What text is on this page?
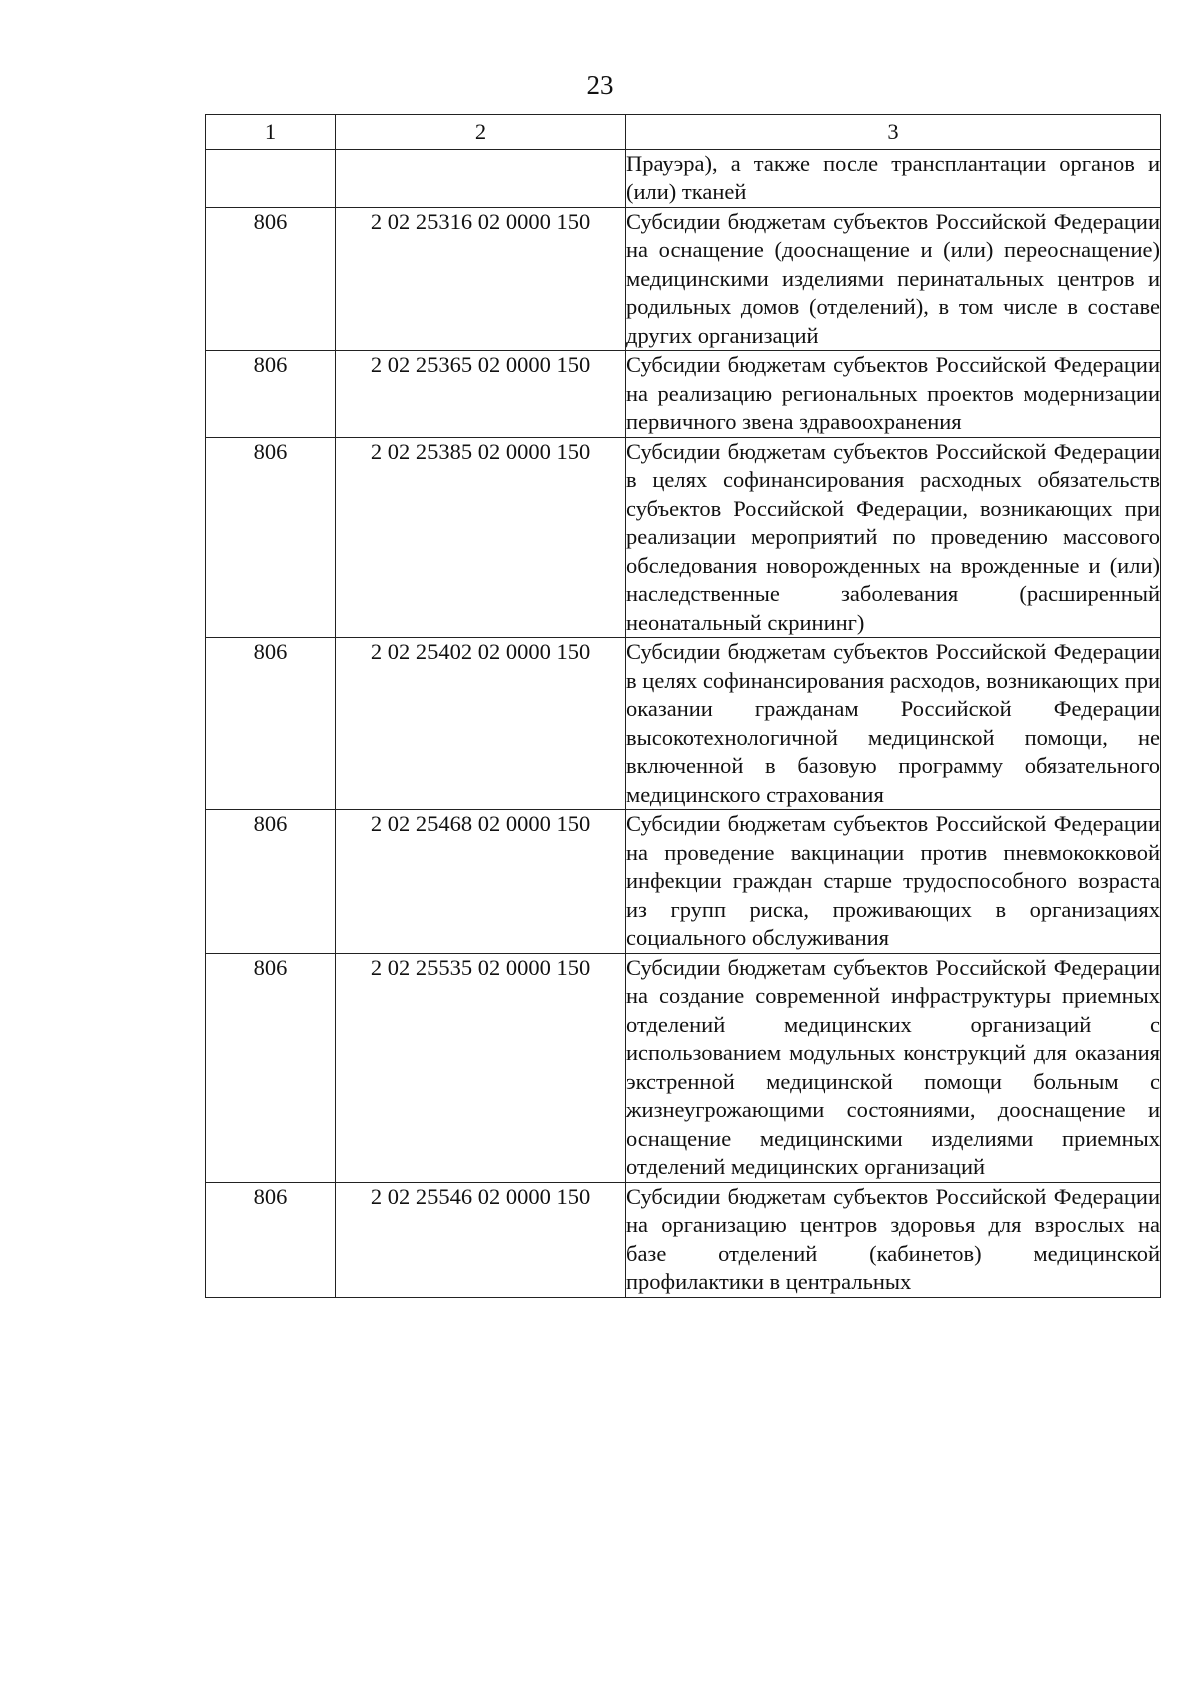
23
1	2	3
		Прауэра), а также после трансплантации органов и (или) тканей
806	2 02 25316 02 0000 150	Субсидии бюджетам субъектов Российской Федерации на оснащение (дооснащение и (или) переоснащение) медицинскими изделиями перинатальных центров и родильных домов (отделений), в том числе в составе других организаций
806	2 02 25365 02 0000 150	Субсидии бюджетам субъектов Российской Федерации на реализацию региональных проектов модернизации первичного звена здравоохранения
806	2 02 25385 02 0000 150	Субсидии бюджетам субъектов Российской Федерации в целях софинансирования расходных обязательств субъектов Российской Федерации, возникающих при реализации мероприятий по проведению массового обследования новорожденных на врожденные и (или) наследственные заболевания (расширенный неонатальный скрининг)
806	2 02 25402 02 0000 150	Субсидии бюджетам субъектов Российской Федерации в целях софинансирования расходов, возникающих при оказании гражданам Российской Федерации высокотехнологичной медицинской помощи, не включенной в базовую программу обязательного медицинского страхования
806	2 02 25468 02 0000 150	Субсидии бюджетам субъектов Российской Федерации на проведение вакцинации против пневмококковой инфекции граждан старше трудоспособного возраста из групп риска, проживающих в организациях социального обслуживания
806	2 02 25535 02 0000 150	Субсидии бюджетам субъектов Российской Федерации на создание современной инфраструктуры приемных отделений медицинских организаций с использованием модульных конструкций для оказания экстренной медицинской помощи больным с жизнеугрожающими состояниями, дооснащение и оснащение медицинскими изделиями приемных отделений медицинских организаций
806	2 02 25546 02 0000 150	Субсидии бюджетам субъектов Российской Федерации на организацию центров здоровья для взрослых на базе отделений (кабинетов) медицинской профилактики в центральных
